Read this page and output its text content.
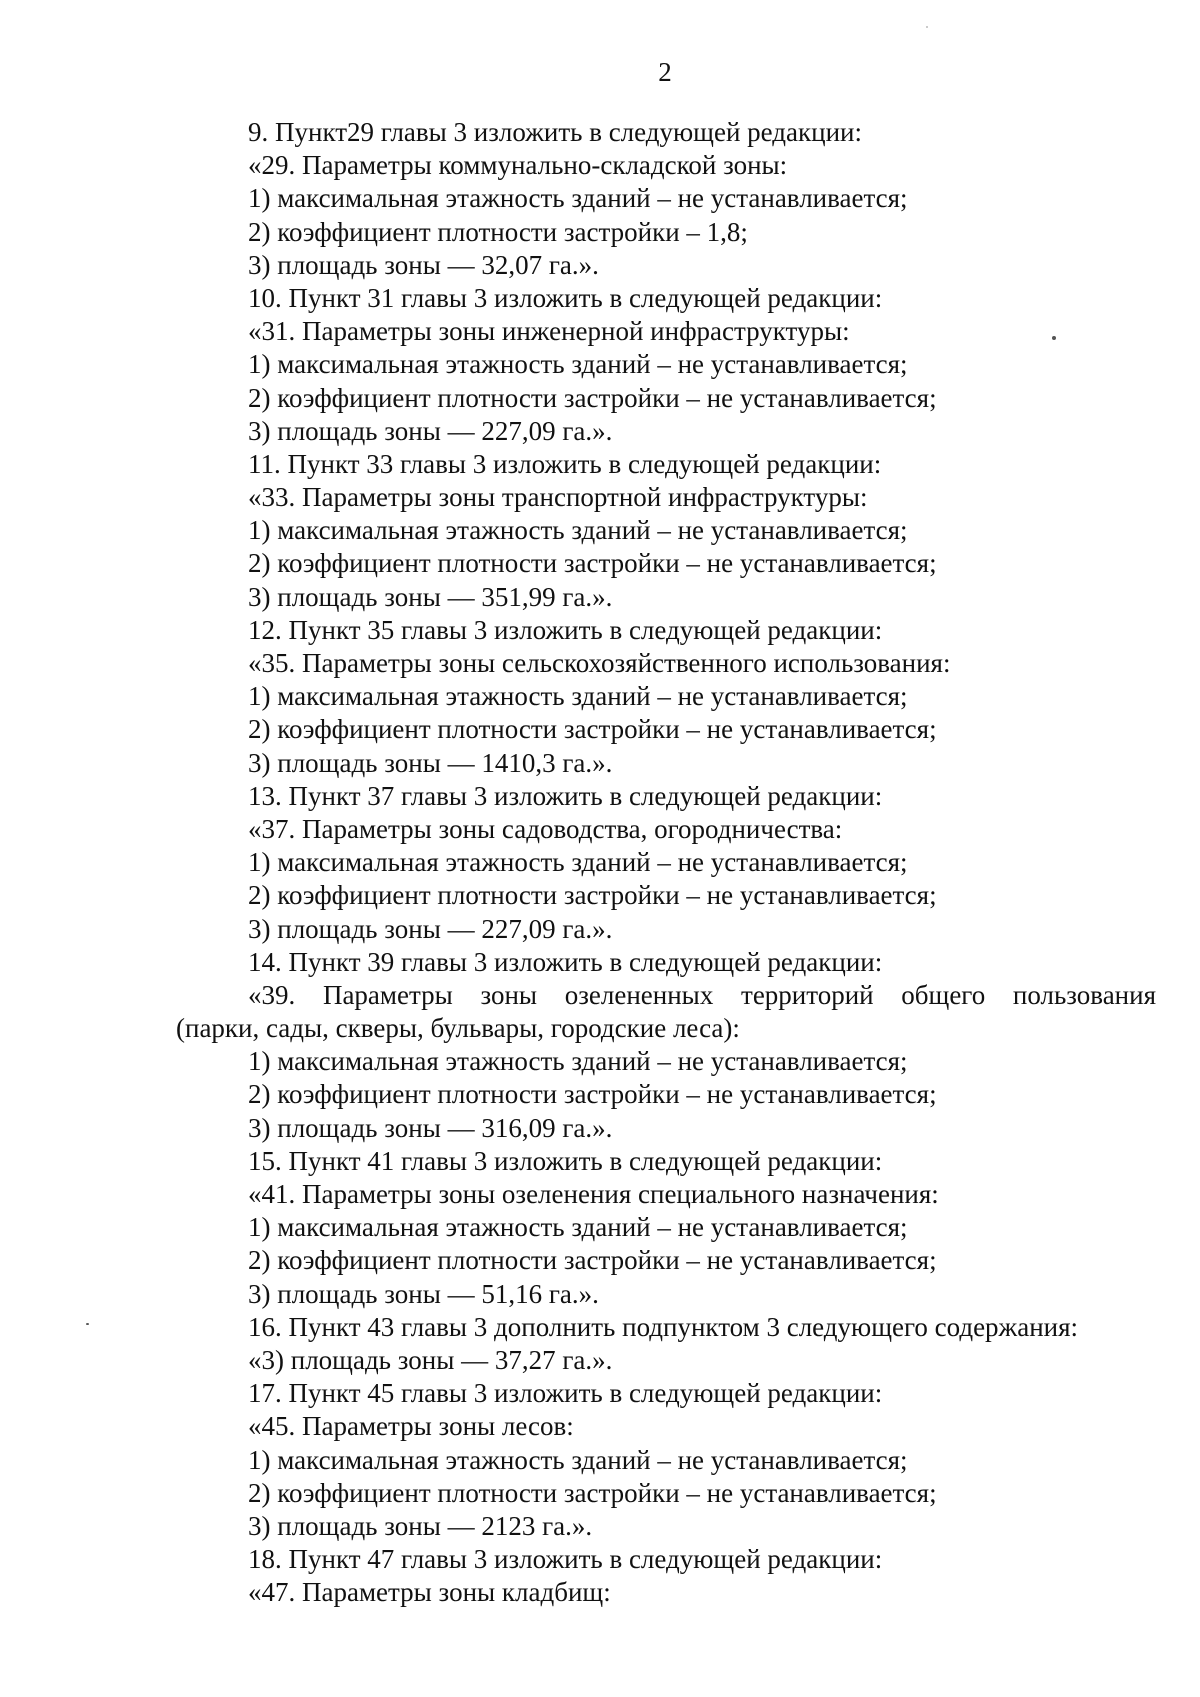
2
9. Пункт29 главы 3 изложить в следующей редакции:
«29. Параметры коммунально-складской зоны:
1) максимальная этажность зданий – не устанавливается;
2) коэффициент плотности застройки – 1,8;
3) площадь зоны — 32,07 га.».
10. Пункт 31 главы 3 изложить в следующей редакции:
«31. Параметры зоны инженерной инфраструктуры:
1) максимальная этажность зданий – не устанавливается;
2) коэффициент плотности застройки – не устанавливается;
3) площадь зоны — 227,09 га.».
11. Пункт 33 главы 3 изложить в следующей редакции:
«33. Параметры зоны транспортной инфраструктуры:
1) максимальная этажность зданий – не устанавливается;
2) коэффициент плотности застройки – не устанавливается;
3) площадь зоны — 351,99 га.».
12. Пункт 35 главы 3 изложить в следующей редакции:
«35. Параметры зоны сельскохозяйственного использования:
1) максимальная этажность зданий – не устанавливается;
2) коэффициент плотности застройки – не устанавливается;
3) площадь зоны — 1410,3 га.».
13. Пункт 37 главы 3 изложить в следующей редакции:
«37. Параметры зоны садоводства, огородничества:
1) максимальная этажность зданий – не устанавливается;
2) коэффициент плотности застройки – не устанавливается;
3) площадь зоны — 227,09 га.».
14. Пункт 39 главы 3 изложить в следующей редакции:
«39. Параметры зоны озелененных территорий общего пользования
(парки, сады, скверы, бульвары, городские леса):
1) максимальная этажность зданий – не устанавливается;
2) коэффициент плотности застройки – не устанавливается;
3) площадь зоны — 316,09 га.».
15. Пункт 41 главы 3 изложить в следующей редакции:
«41. Параметры зоны озеленения специального назначения:
1) максимальная этажность зданий – не устанавливается;
2) коэффициент плотности застройки – не устанавливается;
3) площадь зоны — 51,16 га.».
16. Пункт 43 главы 3 дополнить подпунктом 3 следующего содержания:
«3) площадь зоны — 37,27 га.».
17. Пункт 45 главы 3 изложить в следующей редакции:
«45. Параметры зоны лесов:
1) максимальная этажность зданий – не устанавливается;
2) коэффициент плотности застройки – не устанавливается;
3) площадь зоны — 2123 га.».
18. Пункт 47 главы 3 изложить в следующей редакции:
«47. Параметры зоны кладбищ:
